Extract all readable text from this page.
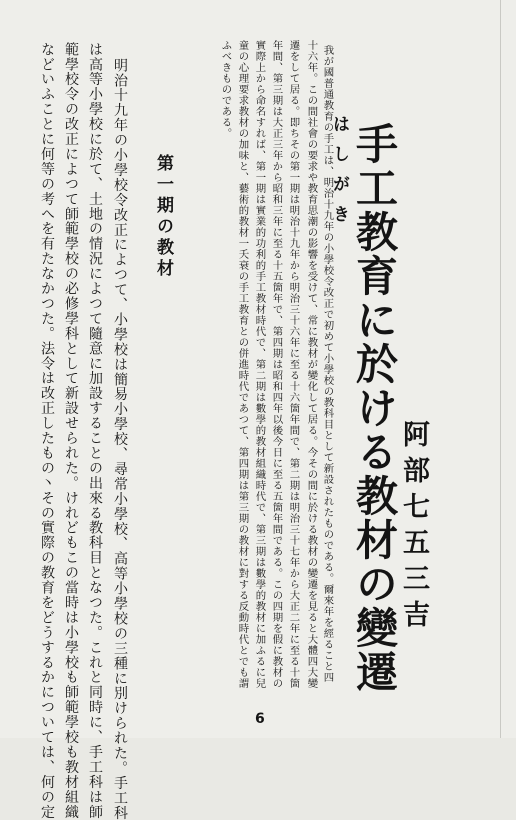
手工教育に於ける教材の變遷 阿部七五三吉
はしがき

我が國普通教育の手工は、明治十九年の小學校令改正で初めて小學校の教科目として新設されたものである。爾來年を經ること四

十六年。この間社會の要求や教育思潮の影響を受けて、常に教材が變化して居る。今その間に於ける教材の變遷を見ると大體四大變

遷をして居る。即ちその第一期は明治十九年から明治三十六年に至る十六箇年間で、第二期は明治三十七年から大正二年に至る十箇

年間、第三期は大正三年から昭和三年に至る十五箇年で、第四期は昭和四年以後今日に至る五箇年間である。この四期を假に教材の

實際上から命名すれば、第一期は實業的功利的手工教材時代で、第二期は數學的教材組織時代で、第三期は數學的教材に加ふるに兒

童の心理要求教材の加味と、藝術的教材一夭衰の手工教育との併進時代であつて、第四期は第三期の教材に對する反動時代とでも謂

ふべきものである。

第一期の教材

明治十九年の小學校令改正によつて、小學校は簡易小學校、尋常小學校、高等小學校の三種に別けられた。手工科

は高等小學校に於て、土地の情況によつて隨意に加設することの出來る教科目となつた。これと同時に、手工科は師

範學校令の改正によつて師範學校の必修學科として新設せられた。けれどもこの當時は小學校も師範學校も教材組織

などいふことに何等の考へを有たなかつた。法令は改正したもの丶その實際の教育をどうするかについては、何の定	6
